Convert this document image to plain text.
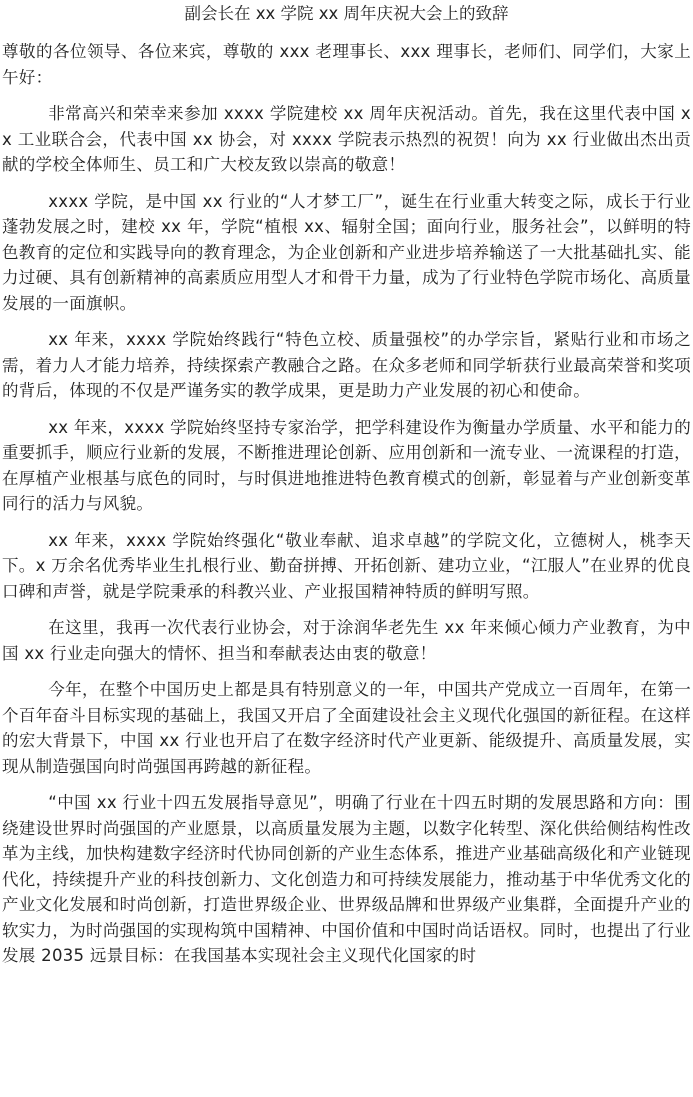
副会长在 xx 学院 xx 周年庆祝大会上的致辞

尊敬的各位领导、各位来宾，尊敬的 xxx 老理事长、xxx 理事长，老师们、同学们，大家上午好：

非常高兴和荣幸来参加 xxxx 学院建校 xx 周年庆祝活动。首先，我在这里代表中国 xx 工业联合会，代表中国 xx 协会，对 xxxx 学院表示热烈的祝贺！向为 xx 行业做出杰出贡献的学校全体师生、员工和广大校友致以崇高的敬意！

xxxx 学院，是中国 xx 行业的“人才梦工厂”，诞生在行业重大转变之际，成长于行业蓬勃发展之时，建校 xx 年，学院“植根 xx、辐射全国；面向行业，服务社会”，以鲜明的特色教育的定位和实践导向的教育理念，为企业创新和产业进步培养输送了一大批基础扎实、能力过硬、具有创新精神的高素质应用型人才和骨干力量，成为了行业特色学院市场化、高质量发展的一面旗帜。

xx 年来，xxxx 学院始终践行“特色立校、质量强校”的办学宗旨，紧贴行业和市场之需，着力人才能力培养，持续探索产教融合之路。在众多老师和同学斩获行业最高荣誉和奖项的背后，体现的不仅是严谨务实的教学成果，更是助力产业发展的初心和使命。

xx 年来，xxxx 学院始终坚持专家治学，把学科建设作为衡量办学质量、水平和能力的重要抓手，顺应行业新的发展，不断推进理论创新、应用创新和一流专业、一流课程的打造，在厚植产业根基与底色的同时，与时俱进地推进特色教育模式的创新，彰显着与产业创新变革同行的活力与风貌。

xx 年来，xxxx 学院始终强化“敬业奉献、追求卓越”的学院文化，立德树人，桃李天下。x 万余名优秀毕业生扎根行业、勤奋拼搏、开拓创新、建功立业，“江服人”在业界的优良口碑和声誉，就是学院秉承的科教兴业、产业报国精神特质的鲜明写照。

在这里，我再一次代表行业协会，对于涂润华老先生 xx 年来倾心倾力产业教育，为中国 xx 行业走向强大的情怀、担当和奉献表达由衷的敬意！

今年，在整个中国历史上都是具有特别意义的一年，中国共产党成立一百周年，在第一个百年奋斗目标实现的基础上，我国又开启了全面建设社会主义现代化强国的新征程。在这样的宏大背景下，中国 xx 行业也开启了在数字经济时代产业更新、能级提升、高质量发展，实现从制造强国向时尚强国再跨越的新征程。

“中国 xx 行业十四五发展指导意见”，明确了行业在十四五时期的发展思路和方向：围绕建设世界时尚强国的产业愿景，以高质量发展为主题，以数字化转型、深化供给侧结构性改革为主线，加快构建数字经济时代协同创新的产业生态体系，推进产业基础高级化和产业链现代化，持续提升产业的科技创新力、文化创造力和可持续发展能力，推动基于中华优秀文化的产业文化发展和时尚创新，打造世界级企业、世界级品牌和世界级产业集群，全面提升产业的软实力，为时尚强国的实现构筑中国精神、中国价值和中国时尚话语权。同时，也提出了行业发展 2035 远景目标：在我国基本实现社会主义现代化国家的时
